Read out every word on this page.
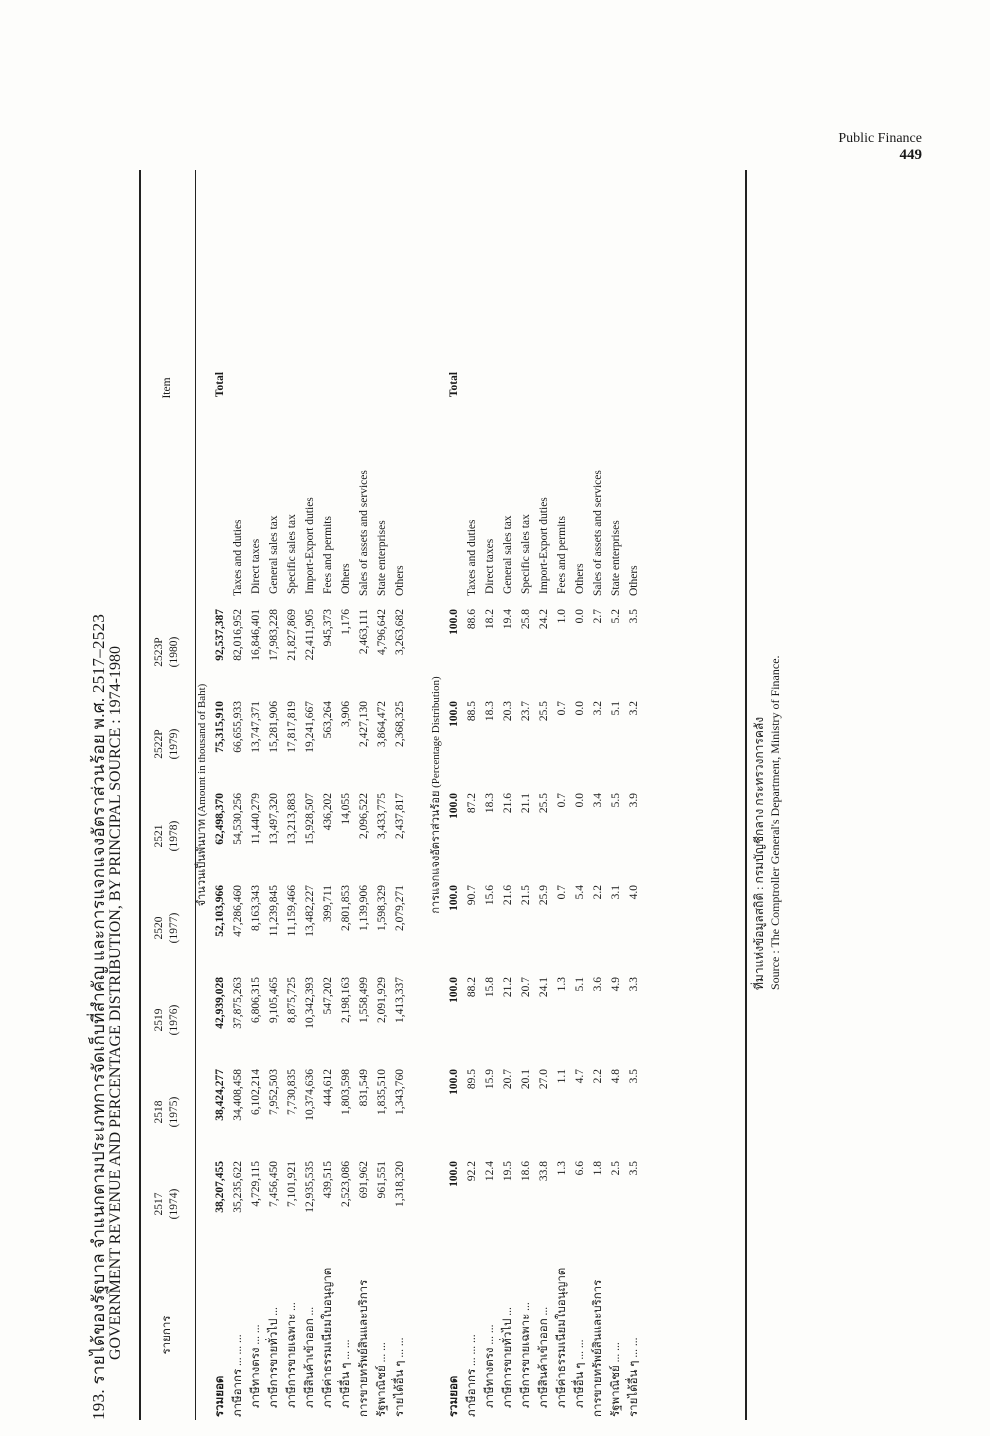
Public Finance
449
193. รายได้ของรัฐบาล จำแนกตามประเภทการจัดเก็บที่สำคัญ และการแจกแจงอัตราส่วนร้อย พ.ศ. 2517–2523 GOVERNMENT REVENUE AND PERCENTAGE DISTRIBUTION, BY PRINCIPAL SOURCE : 1974-1980	รายการ	2517 (1974)	2518 (1975)	2519 (1976)	2520 (1977)	2521 (1978)	2522P (1979)	2523P (1980)	Item
จำนวนเป็นพันบาท (Amount in thousand of Baht)								
รวมยอด	38,207,455	38,424,277	42,939,028	52,103,966	62,498,370	75,315,910	92,537,387	Total
ภาษีอากร ... ... ...	35,235,622	34,408,458	37,875,263	47,286,460	54,530,256	66,655,933	82,016,952	Taxes and duties
ภาษีทางตรง ... ...	4,729,115	6,102,214	6,806,315	8,163,343	11,440,279	13,747,371	16,846,401	Direct taxes
ภาษีการขายทั่วไป ...	7,456,450	7,952,503	9,105,465	11,239,845	13,497,320	15,281,906	17,983,228	General sales tax
ภาษีการขายเฉพาะ ...	7,101,921	7,730,835	8,875,725	11,159,466	13,213,883	17,817,819	21,827,869	Specific sales tax
ภาษีสินค้าเข้าออก ...	12,935,535	10,374,636	10,342,393	13,482,227	15,928,507	19,241,667	22,411,905	Import-Export duties
ภาษีค่าธรรมเนียมใบอนุญาต	439,515	444,612	547,202	399,711	436,202	563,264	945,373	Fees and permits
ภาษีอื่น ๆ ... ...	2,523,086	1,803,598	2,198,163	2,801,853	14,055	3,906	1,176	Others
การขายทรัพย์สินและบริการ	691,962	831,549	1,558,499	1,139,906	2,096,522	2,427,130	2,463,111	Sales of assets and services
รัฐพาณิชย์ ... ...	961,551	1,835,510	2,091,929	1,598,329	3,433,775	3,864,472	4,796,642	State enterprises
รายได้อื่น ๆ ... ...	1,318,320	1,343,760	1,413,337	2,079,271	2,437,817	2,368,325	3,263,682	Others

การแจกแจงอัตราส่วนร้อย (Percentage Distribution)								
รวมยอด	100.0	100.0	100.0	100.0	100.0	100.0	100.0	Total
ภาษีอากร ... ... ...	92.2	89.5	88.2	90.7	87.2	88.5	88.6	Taxes and duties
ภาษีทางตรง ... ...	12.4	15.9	15.8	15.6	18.3	18.3	18.2	Direct taxes
ภาษีการขายทั่วไป ...	19.5	20.7	21.2	21.6	21.6	20.3	19.4	General sales tax
ภาษีการขายเฉพาะ ...	18.6	20.1	20.7	21.5	21.1	23.7	25.8	Specific sales tax
ภาษีสินค้าเข้าออก ...	33.8	27.0	24.1	25.9	25.5	25.5	24.2	Import-Export duties
ภาษีค่าธรรมเนียมใบอนุญาต	1.3	1.1	1.3	0.7	0.7	0.7	1.0	Fees and permits
ภาษีอื่น ๆ ... ...	6.6	4.7	5.1	5.4	0.0	0.0	0.0	Others
การขายทรัพย์สินและบริการ	1.8	2.2	3.6	2.2	3.4	3.2	2.7	Sales of assets and services
รัฐพาณิชย์ ... ...	2.5	4.8	4.9	3.1	5.5	5.1	5.2	State enterprises
รายได้อื่น ๆ ... ...	3.5	3.5	3.3	4.0	3.9	3.2	3.5	Others
ที่มาแห่งข้อมูลสถิติ : กรมบัญชีกลาง กระทรวงการคลัง Source : The Comptroller General's Department, Ministry of Finance.
